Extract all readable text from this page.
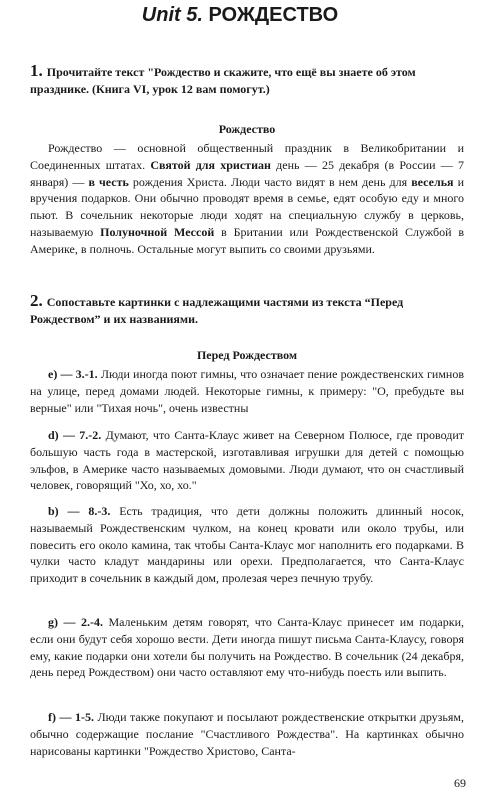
Unit 5. РОЖДЕСТВО
1. Прочитайте текст "Рождество и скажите, что ещё вы знаете об этом празднике. (Книга VI, урок 12 вам помогут.)
Рождество

Рождество — основной общественный праздник в Великобритании и Соединенных штатах. Святой для христиан день — 25 декабря (в России — 7 января) — в честь рождения Христа. Люди часто видят в нем день для веселья и вручения подарков. Они обычно проводят время в семье, едят особую еду и много пьют. В сочельник некоторые люди ходят на специальную службу в церковь, называемую Полуночной Мессой в Бритaнии или Рождественской Службой в Америке, в полночь. Остальные могут выпить со своими друзьями.

2. Сопоставьте картинки с надлежащими частями из текста “Перед Рождеством” и их названиями.
Перед Рождеством

e) — 3.-1. Люди иногда поют гимны, что означает пение рождественских гимнов на улице, перед домами людей. Некоторые гимны, к примеру: "О, пребудьте вы верные" или "Тихая ночь", очень известны

d) — 7.-2. Думают, что Санта-Клаус живет на Северном Полюсе, где проводит большую часть года в мастерской, изготавливая игрушки для детей с помощью эльфов, в Америке часто называемых домовыми. Люди думают, что он счастливый человек, говорящий "Хо, хо, хо."

b) — 8.-3. Есть традиция, что дети должны положить длинный носок, называемый Рождественским чулком, на конец кровати или около трубы, или повесить его около камина, так чтобы Санта-Клаус мог наполнить его подарками. В чулки часто кладут мандарины или орехи. Предполагается, что Санта-Клаус приходит в сочельник в каждый дом, пролезая через печную трубу.

g) — 2.-4. Маленьким детям говорят, что Санта-Клаус принесет им подарки, если они будут себя хорошо вести. Дети иногда пишут письма Санта-Клаусу, говоря ему, какие подарки они хотели бы получить на Рождество. В сочельник (24 декабря, день перед Рождеством) они часто оставляют ему что-нибудь поесть или выпить.

f) — 1-5. Люди также покупают и посылают рождественские открытки друзьям, обычно содержащие послание "Счастливого Рождества". На картинках обычно нарисованы картинки "Рождество Христово, Санта-

69
